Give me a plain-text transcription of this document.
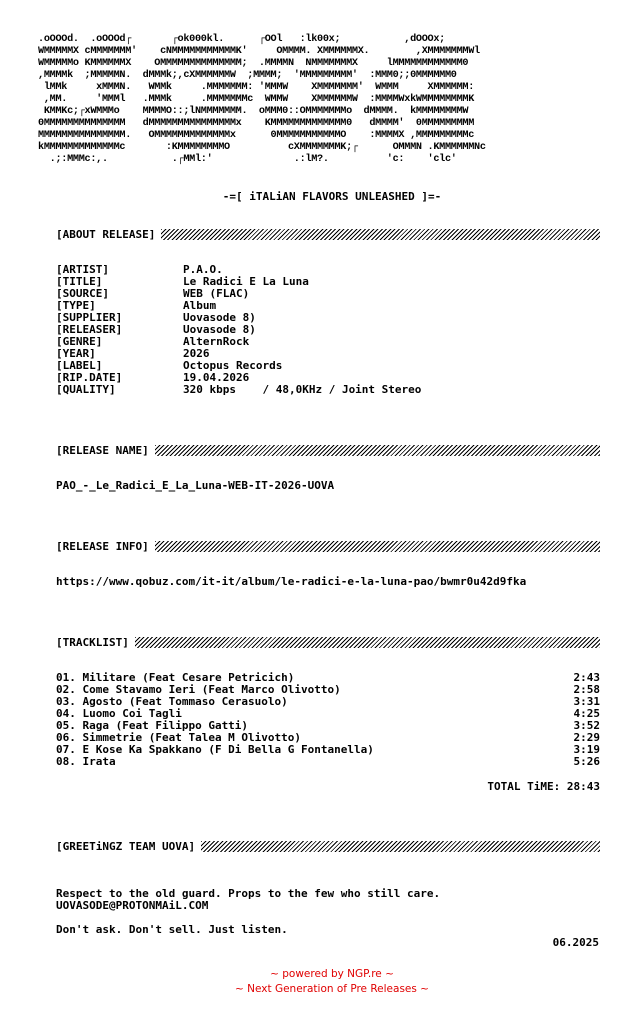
.oOOOd.  .oOOOd┌       ┌ok000kl.      ┌OOl   :lk00x;           ,dOOOx;
WMMMMMX cMMMMMMM'    cNMMMMMMMMMMMK'     OMMMM. XMMMMMMX.        ,XMMMMMMMWl
WMMMMMo KMMMMMMX    OMMMMMMMMMMMMMM;  .MMMMN  NMMMMMMMX     lMMMMMMMMMMMM0
,MMMMk  ;MMMMMN.  dMMMk;,cXMMMMMMW  ;MMMM;  'MMMMMMMMM'  :MMM0;;0MMMMMM0
lMMk     xMMMN.   WMMk     .MMMMMMM: 'MMMW    XMMMMMMM'  WMMM     XMMMMMM:
,MM.     'MMMl   .MMMk     .MMMMMMMc  WMMW    XMMMMMMW  :MMMMWxkWMMMMMMMMK
KMMKc;┌xWMMMo    MMMMO::;lNMMMMMMM.  oMMM0::OMMMMMMMo  dMMMM.  kMMMMMMMMW
0MMMMMMMMMMMMMM   dMMMMMMMMMMMMMMMx    KMMMMMMMMMMMMM0   dMMMM'  0MMMMMMMMM
MMMMMMMMMMMMMMM.   OMMMMMMMMMMMMMx      0MMMMMMMMMMMO    :MMMMX ,MMMMMMMMMc
kMMMMMMMMMMMMMc       :KMMMMMMMMO          cXMMMMMMMK;┌      OMMMN .KMMMMMMNc
.;:MMMc:,.           .┌MMl:'              .:lM?.          'c:    'clc'
-=[ iTALiAN FLAVORS UNLEASHED ]=-
[ABOUT RELEASE]
[ARTIST]	P.A.O.
[TITLE]	Le Radici E La Luna
[SOURCE]	WEB (FLAC)
[TYPE]	Album
[SUPPLIER]	Uovasode 8)
[RELEASER]	Uovasode 8)
[GENRE]	AlternRock
[YEAR]	2026
[LABEL]	Octopus Records
[RIP.DATE]	19.04.2026
[QUALITY]	320 kbps    / 48,0KHz / Joint Stereo
[RELEASE NAME]
PAO_-_Le_Radici_E_La_Luna-WEB-IT-2026-UOVA
[RELEASE INFO]
https://www.qobuz.com/it-it/album/le-radici-e-la-luna-pao/bwmr0u42d9fka
[TRACKLIST]
01. Militare (Feat Cesare Petricich)	2:43
02. Come Stavamo Ieri (Feat Marco Olivotto)	2:58
03. Agosto (Feat Tommaso Cerasuolo)	3:31
04. Luomo Coi Tagli	4:25
05. Raga (Feat Filippo Gatti)	3:52
06. Simmetrie (Feat Talea M Olivotto)	2:29
07. E Kose Ka Spakkano (F Di Bella G Fontanella)	3:19
08. Irata	5:26
TOTAL TiME: 28:43
[GREETiNGZ TEAM UOVA]

Respect to the old guard. Props to the few who still care.

Don't ask. Don't sell. Just listen.

UOVASODE@PROTONMAiL.COM
06.2025
~ powered by NGP.re ~
~ Next Generation of Pre Releases ~
